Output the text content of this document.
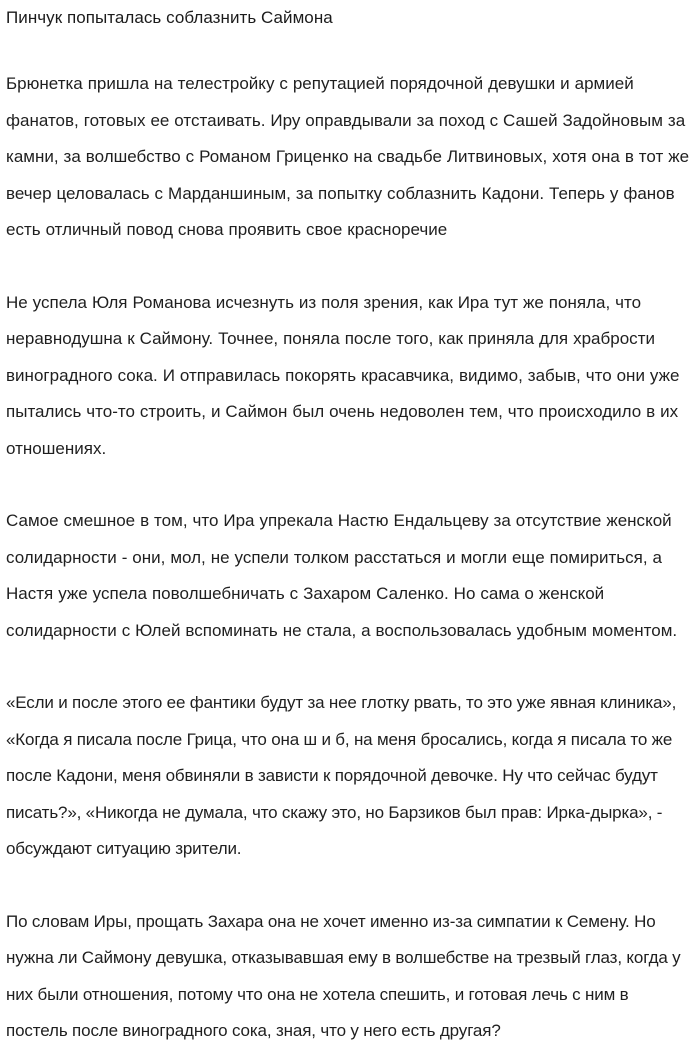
Пинчук попыталась соблазнить Саймона

Брюнетка пришла на телестройку с репутацией порядочной девушки и армией фанатов, готовых ее отстаивать. Иру оправдывали за поход с Сашей Задойновым за камни, за волшебство с Романом Гриценко на свадьбе Литвиновых, хотя она в тот же вечер целовалась с Марданшиным, за попытку соблазнить Кадони. Теперь у фанов есть отличный повод снова проявить свое красноречие

Не успела Юля Романова исчезнуть из поля зрения, как Ира тут же поняла, что неравнодушна к Саймону. Точнее, поняла после того, как приняла для храбрости виноградного сока. И отправилась покорять красавчика, видимо, забыв, что они уже пытались что-то строить, и Саймон был очень недоволен тем, что происходило в их отношениях.

Самое смешное в том, что Ира упрекала Настю Ендальцеву за отсутствие женской солидарности - они, мол, не успели толком расстаться и могли еще помириться, а Настя уже успела поволшебничать с Захаром Саленко. Но сама о женской солидарности с Юлей вспоминать не стала, а воспользовалась удобным моментом.

«Если и после этого ее фантики будут за нее глотку рвать, то это уже явная клиника», «Когда я писала после Грица, что она ш и б, на меня бросались, когда я писала то же после Кадони, меня обвиняли в зависти к порядочной девочке. Ну что сейчас будут писать?», «Никогда не думала, что скажу это, но Барзиков был прав: Ирка-дырка», - обсуждают ситуацию зрители.

По словам Иры, прощать Захара она не хочет именно из-за симпатии к Семену. Но нужна ли Саймону девушка, отказывавшая ему в волшебстве на трезвый глаз, когда у них были отношения, потому что она не хотела спешить, и готовая лечь с ним в постель после виноградного сока, зная, что у него есть другая?
